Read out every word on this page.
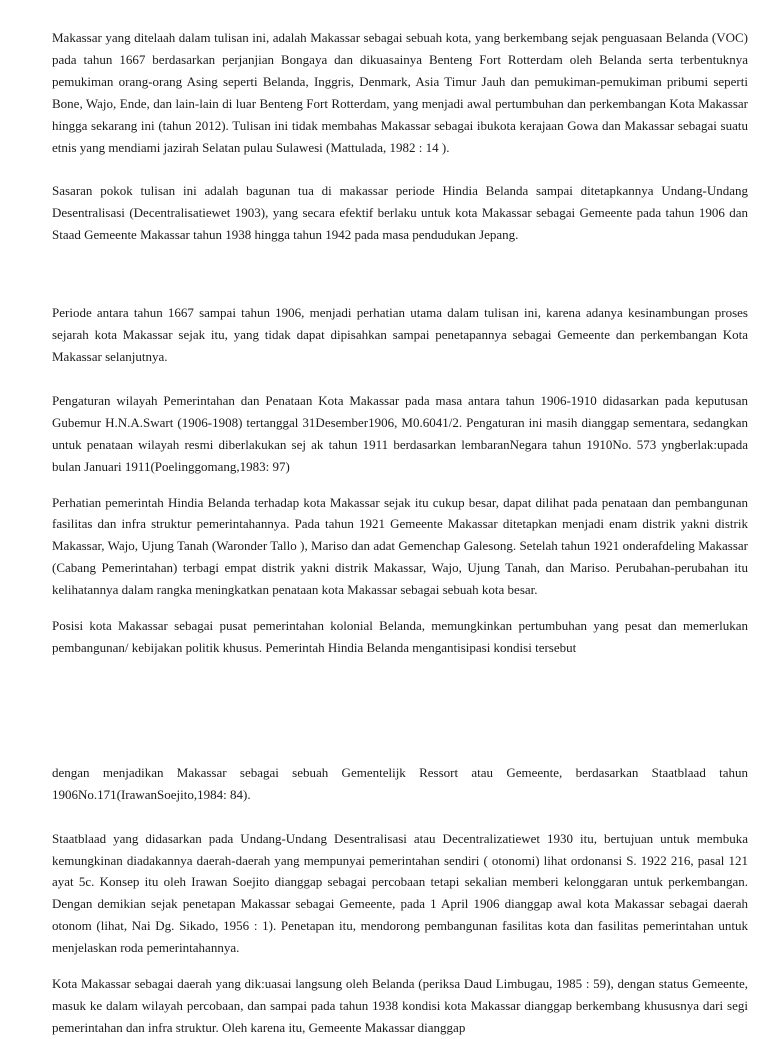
Makassar yang ditelaah dalam tulisan ini, adalah Makassar sebagai sebuah kota, yang berkembang sejak penguasaan Belanda (VOC) pada tahun 1667 berdasarkan perjanjian Bongaya dan dikuasainya Benteng Fort Rotterdam oleh Belanda serta terbentuknya pemukiman orang-orang Asing seperti Belanda, Inggris, Denmark, Asia Timur Jauh dan pemukiman-pemukiman pribumi seperti Bone, Wajo, Ende, dan lain-lain di luar Benteng Fort Rotterdam, yang menjadi awal pertumbuhan dan perkembangan Kota Makassar hingga sekarang ini (tahun 2012). Tulisan ini tidak membahas Makassar sebagai ibukota kerajaan Gowa dan Makassar sebagai suatu etnis yang mendiami jazirah Selatan pulau Sulawesi (Mattulada, 1982 : 14 ).

Sasaran pokok tulisan ini adalah bagunan tua di makassar periode Hindia Belanda sampai ditetapkannya Undang-Undang Desentralisasi (Decentralisatiewet 1903), yang secara efektif berlaku untuk kota Makassar sebagai Gemeente pada tahun 1906 dan Staad Gemeente Makassar tahun 1938 hingga tahun 1942 pada masa pendudukan Jepang.

Periode antara tahun 1667 sampai tahun 1906, menjadi perhatian utama dalam tulisan ini, karena adanya kesinambungan proses sejarah kota Makassar sejak itu, yang tidak dapat dipisahkan sampai penetapannya sebagai Gemeente dan perkembangan Kota Makassar selanjutnya.

Pengaturan wilayah Pemerintahan dan Penataan Kota Makassar pada masa antara tahun 1906-1910 didasarkan pada keputusan Gubemur H.N.A.Swart (1906-1908) tertanggal 31Desember1906, M0.6041/2. Pengaturan ini masih dianggap sementara, sedangkan untuk penataan wilayah resmi diberlakukan sej ak tahun 1911 berdasarkan lembaranNegara tahun 1910No. 573 yngberlak:upada bulan Januari 1911(Poelinggomang,1983: 97)

Perhatian pemerintah Hindia Belanda terhadap kota Makassar sejak itu cukup besar, dapat dilihat pada penataan dan pembangunan fasilitas dan infra struktur pemerintahannya. Pada tahun 1921 Gemeente Makassar ditetapkan menjadi enam distrik yakni distrik Makassar, Wajo, Ujung Tanah (Waronder Tallo ), Mariso dan adat Gemenchap Galesong. Setelah tahun 1921 onderafdeling Makassar (Cabang Pemerintahan) terbagi empat distrik yakni distrik Makassar, Wajo, Ujung Tanah, dan Mariso. Perubahan-perubahan itu kelihatannya dalam rangka meningkatkan penataan kota Makassar sebagai sebuah kota besar.

Posisi kota Makassar sebagai pusat pemerintahan kolonial Belanda, memungkinkan pertumbuhan yang pesat dan memerlukan pembangunan/ kebijakan politik khusus. Pemerintah Hindia Belanda mengantisipasi kondisi tersebut

dengan menjadikan Makassar sebagai sebuah Gementelijk Ressort atau Gemeente, berdasarkan Staatblaad tahun 1906No.171(IrawanSoejito,1984: 84).

Staatblaad yang didasarkan pada Undang-Undang Desentralisasi atau Decentralizatiewet 1930 itu, bertujuan untuk membuka kemungkinan diadakannya daerah-daerah yang mempunyai pemerintahan sendiri ( otonomi) lihat ordonansi S. 1922 216, pasal 121 ayat 5c. Konsep itu oleh Irawan Soejito dianggap sebagai percobaan tetapi sekalian memberi kelonggaran untuk perkembangan. Dengan demikian sejak penetapan Makassar sebagai Gemeente, pada 1 April 1906 dianggap awal kota Makassar sebagai daerah otonom (lihat, Nai Dg. Sikado, 1956 : 1). Penetapan itu, mendorong pembangunan fasilitas kota dan fasilitas pemerintahan untuk menjelaskan roda pemerintahannya.

Kota Makassar sebagai daerah yang dik:uasai langsung oleh Belanda (periksa Daud Limbugau, 1985 : 59), dengan status Gemeente, masuk ke dalam wilayah percobaan, dan sampai pada tahun 1938 kondisi kota Makassar dianggap berkembang khususnya dari segi pemerintahan dan infra struktur. Oleh karena itu, Gemeente Makassar dianggap
